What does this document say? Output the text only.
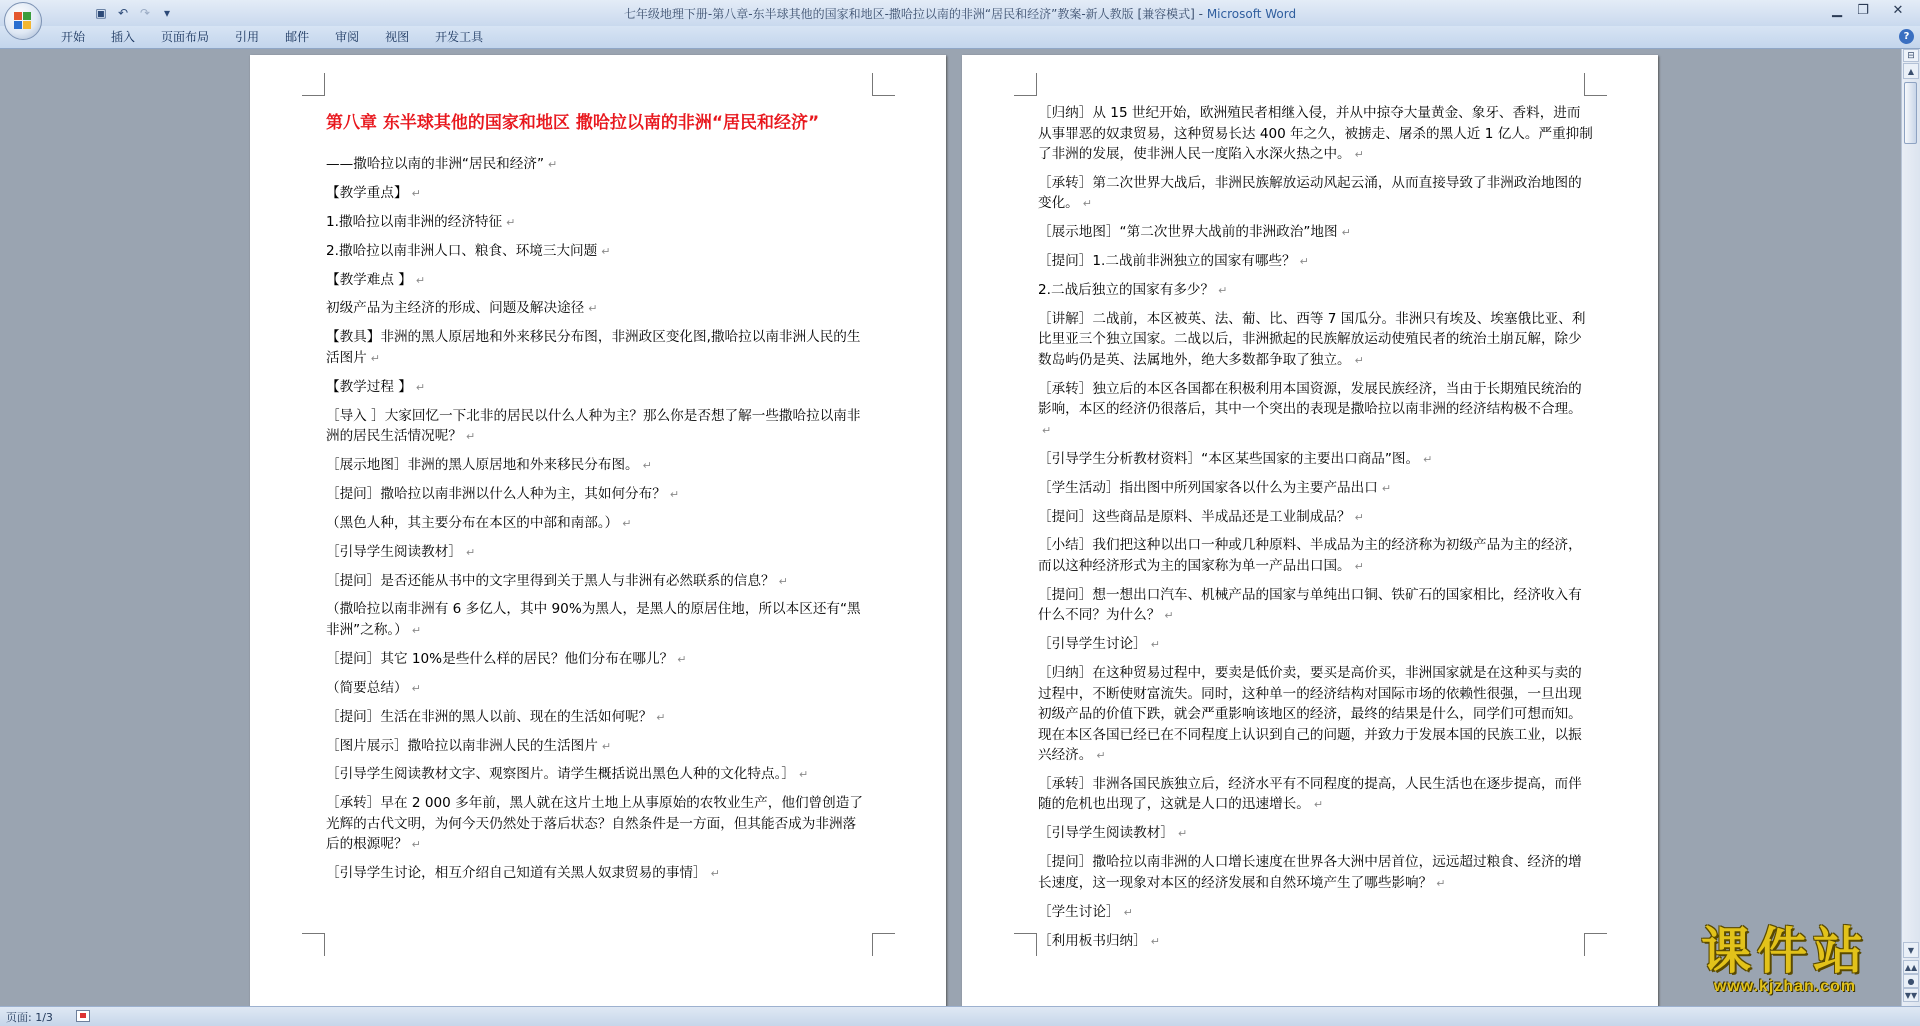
▣ ↶ ↷	▾	七年级地理下册-第八章-东半球其他的国家和地区-撒哈拉以南的非洲“居民和经济”教案-新人教版 [兼容模式] - Microsoft Word	▁	❐	✕
开始	插入	页面布局	引用	邮件	审阅	视图	开发工具	?
第八章 东半球其他的国家和地区 撒哈拉以南的非洲“居民和经济”
——撒哈拉以南的非洲“居民和经济” ↵
【教学重点】 ↵
1.撒哈拉以南非洲的经济特征 ↵
2.撒哈拉以南非洲人口、粮食、环境三大问题 ↵
【教学难点 】 ↵
初级产品为主经济的形成、问题及解决途径 ↵
【教具】非洲的黑人原居地和外来移民分布图，非洲政区变化图,撒哈拉以南非洲人民的生活图片 ↵
【教学过程 】 ↵
［导入 ］大家回忆一下北非的居民以什么人种为主？那么你是否想了解一些撒哈拉以南非洲的居民生活情况呢？ ↵
［展示地图］非洲的黑人原居地和外来移民分布图。 ↵
［提问］撒哈拉以南非洲以什么人种为主，其如何分布？ ↵
（黑色人种，其主要分布在本区的中部和南部。） ↵
［引导学生阅读教材］ ↵
［提问］是否还能从书中的文字里得到关于黑人与非洲有必然联系的信息？ ↵
（撒哈拉以南非洲有 6 多亿人，其中 90%为黑人，是黑人的原居住地，所以本区还有“黑非洲”之称。） ↵
［提问］其它 10%是些什么样的居民？他们分布在哪儿？ ↵
（简要总结） ↵
［提问］生活在非洲的黑人以前、现在的生活如何呢？ ↵
［图片展示］撒哈拉以南非洲人民的生活图片 ↵
［引导学生阅读教材文字、观察图片。请学生概括说出黑色人种的文化特点。］ ↵
［承转］早在 2 000 多年前，黑人就在这片土地上从事原始的农牧业生产，他们曾创造了光辉的古代文明，为何今天仍然处于落后状态？自然条件是一方面，但其能否成为非洲落后的根源呢？ ↵
［引导学生讨论，相互介绍自己知道有关黑人奴隶贸易的事情］ ↵
［归纳］从 15 世纪开始，欧洲殖民者相继入侵，并从中掠夺大量黄金、象牙、香料，进而从事罪恶的奴隶贸易，这种贸易长达 400 年之久，被掳走、屠杀的黑人近 1 亿人。严重抑制了非洲的发展，使非洲人民一度陷入水深火热之中。 ↵
［承转］第二次世界大战后，非洲民族解放运动风起云涌，从而直接导致了非洲政治地图的变化。 ↵
［展示地图］“第二次世界大战前的非洲政治”地图 ↵
［提问］1.二战前非洲独立的国家有哪些？ ↵
2.二战后独立的国家有多少？ ↵
［讲解］二战前，本区被英、法、葡、比、西等 7 国瓜分。非洲只有埃及、埃塞俄比亚、利比里亚三个独立国家。二战以后，非洲掀起的民族解放运动使殖民者的统治土崩瓦解，除少数岛屿仍是英、法属地外，绝大多数都争取了独立。 ↵
［承转］独立后的本区各国都在积极利用本国资源，发展民族经济，当由于长期殖民统治的影响，本区的经济仍很落后，其中一个突出的表现是撒哈拉以南非洲的经济结构极不合理。↵
［引导学生分析教材资料］“本区某些国家的主要出口商品”图。 ↵
［学生活动］指出图中所列国家各以什么为主要产品出口 ↵
［提问］这些商品是原料、半成品还是工业制成品？ ↵
［小结］我们把这种以出口一种或几种原料、半成品为主的经济称为初级产品为主的经济，而以这种经济形式为主的国家称为单一产品出口国。 ↵
［提问］想一想出口汽车、机械产品的国家与单纯出口铜、铁矿石的国家相比，经济收入有什么不同？为什么？ ↵
［引导学生讨论］ ↵
［归纳］在这种贸易过程中，要卖是低价卖，要买是高价买，非洲国家就是在这种买与卖的过程中，不断使财富流失。同时，这种单一的经济结构对国际市场的依赖性很强，一旦出现初级产品的价值下跌，就会严重影响该地区的经济，最终的结果是什么，同学们可想而知。现在本区各国已经已在不同程度上认识到自己的问题，并致力于发展本国的民族工业，以振兴经济。 ↵
［承转］非洲各国民族独立后，经济水平有不同程度的提高，人民生活也在逐步提高，而伴随的危机也出现了，这就是人口的迅速增长。 ↵
［引导学生阅读教材］ ↵
［提问］撒哈拉以南非洲的人口增长速度在世界各大洲中居首位，远远超过粮食、经济的增长速度，这一现象对本区的经济发展和自然环境产生了哪些影响？ ↵
［学生讨论］ ↵
［利用板书归纳］ ↵
⊟
▲
▼
▲▲
●
▼▼
页面: 1/3
课件站
www.kjzhan.com
